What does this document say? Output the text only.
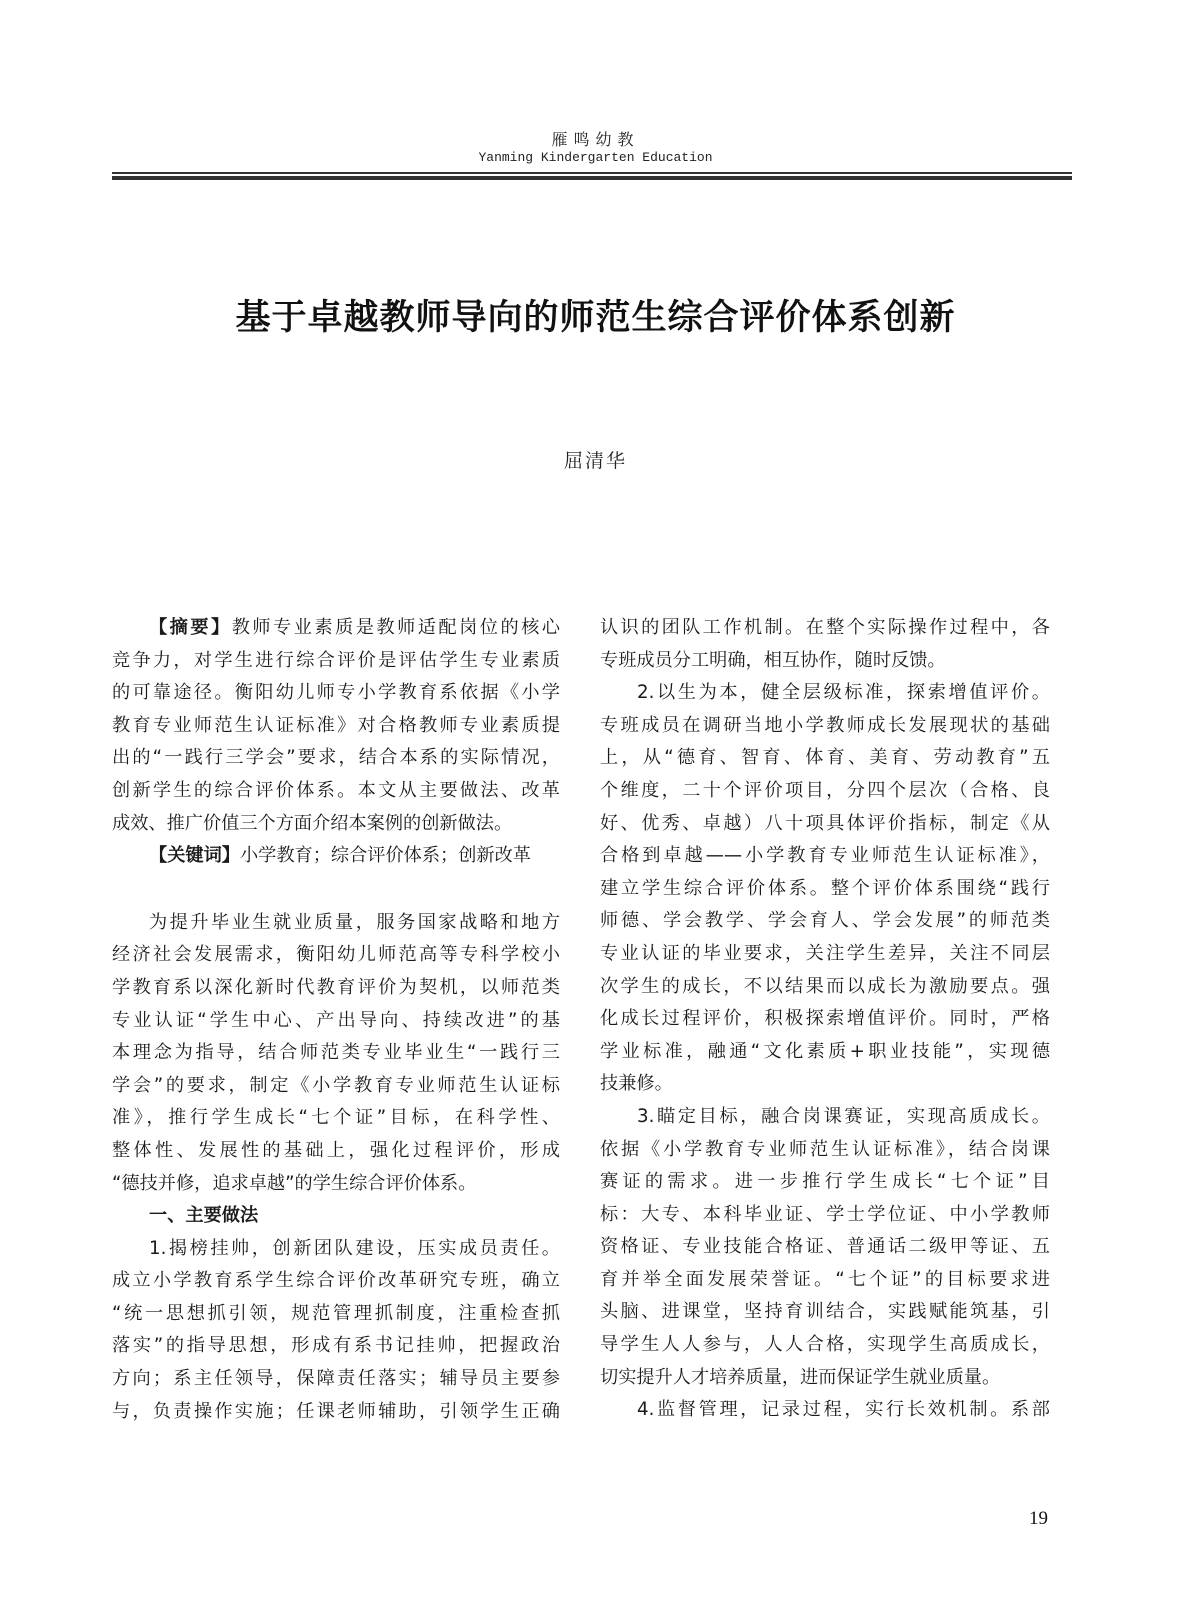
雁鸣幼教
Yanming Kindergarten Education
基于卓越教师导向的师范生综合评价体系创新
屈清华
【摘要】教师专业素质是教师适配岗位的核心
竞争力，对学生进行综合评价是评估学生专业素质
的可靠途径。衡阳幼儿师专小学教育系依据《小学
教育专业师范生认证标准》对合格教师专业素质提
出的“一践行三学会”要求，结合本系的实际情况，
创新学生的综合评价体系。本文从主要做法、改革
成效、推广价值三个方面介绍本案例的创新做法。
【关键词】小学教育；综合评价体系；创新改革
为提升毕业生就业质量，服务国家战略和地方
经济社会发展需求，衡阳幼儿师范高等专科学校小
学教育系以深化新时代教育评价为契机，以师范类
专业认证“学生中心、产出导向、持续改进”的基
本理念为指导，结合师范类专业毕业生“一践行三
学会”的要求，制定《小学教育专业师范生认证标
准》，推行学生成长“七个证”目标，在科学性、
整体性、发展性的基础上，强化过程评价，形成
“德技并修，追求卓越”的学生综合评价体系。
一、主要做法
1.揭榜挂帅，创新团队建设，压实成员责任。
成立小学教育系学生综合评价改革研究专班，确立
“统一思想抓引领，规范管理抓制度，注重检查抓
落实”的指导思想，形成有系书记挂帅，把握政治
方向；系主任领导，保障责任落实；辅导员主要参
与，负责操作实施；任课老师辅助，引领学生正确
认识的团队工作机制。在整个实际操作过程中，各
专班成员分工明确，相互协作，随时反馈。
2.以生为本，健全层级标准，探索增值评价。
专班成员在调研当地小学教师成长发展现状的基础
上，从“德育、智育、体育、美育、劳动教育”五
个维度，二十个评价项目，分四个层次（合格、良
好、优秀、卓越）八十项具体评价指标，制定《从
合格到卓越——小学教育专业师范生认证标准》，
建立学生综合评价体系。整个评价体系围绕“践行
师德、学会教学、学会育人、学会发展”的师范类
专业认证的毕业要求，关注学生差异，关注不同层
次学生的成长，不以结果而以成长为激励要点。强
化成长过程评价，积极探索增值评价。同时，严格
学业标准，融通“文化素质+职业技能”，实现德
技兼修。
3.瞄定目标，融合岗课赛证，实现高质成长。
依据《小学教育专业师范生认证标准》，结合岗课
赛证的需求。进一步推行学生成长“七个证”目
标：大专、本科毕业证、学士学位证、中小学教师
资格证、专业技能合格证、普通话二级甲等证、五
育并举全面发展荣誉证。“七个证”的目标要求进
头脑、进课堂，坚持育训结合，实践赋能筑基，引
导学生人人参与，人人合格，实现学生高质成长，
切实提升人才培养质量，进而保证学生就业质量。
4.监督管理，记录过程，实行长效机制。系部
19
